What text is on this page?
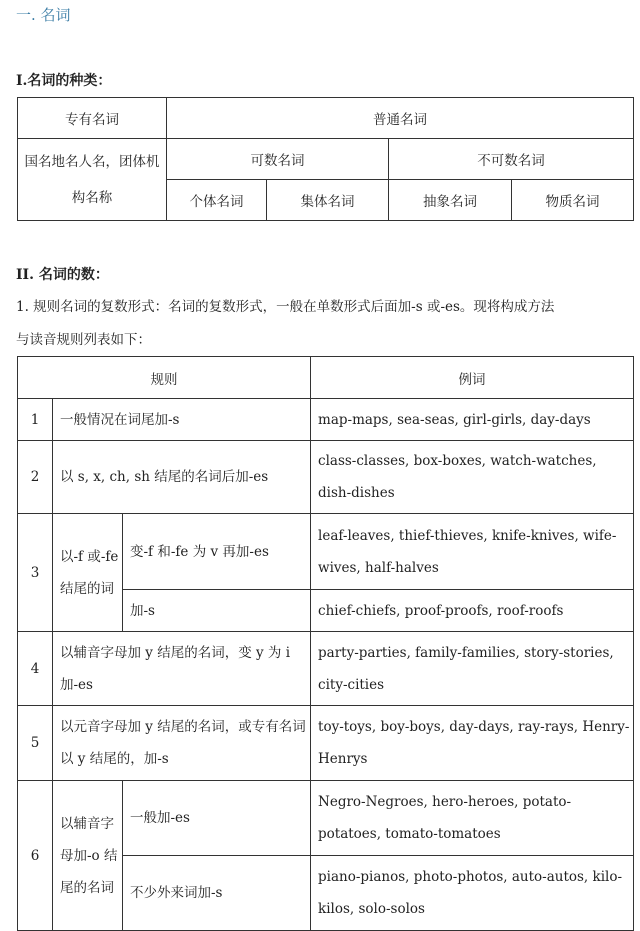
一. 名词
I.名词的种类：
专有名词	普通名词			
国名地名人名，团体机构名称	可数名词		不可数名词	
	个体名词	集体名词	抽象名词	物质名词
II. 名词的数：
1. 规则名词的复数形式：名词的复数形式，一般在单数形式后面加-s 或-es。现将构成方法
与读音规则列表如下：
规则			例词
1	一般情况在词尾加-s		map-maps, sea-seas, girl-girls, day-days
2	以 s, x, ch, sh 结尾的名词后加-es		class-classes, box-boxes, watch-watches, dish-dishes
3	以-f 或-fe 结尾的词	变-f 和-fe 为 v 再加-es	leaf-leaves, thief-thieves, knife-knives, wife-wives, half-halves
		加-s	chief-chiefs, proof-proofs, roof-roofs
4	以辅音字母加 y 结尾的名词，变 y 为 i 加-es		party-parties, family-families, story-stories, city-cities
5	以元音字母加 y 结尾的名词，或专有名词以 y 结尾的，加-s		toy-toys, boy-boys, day-days, ray-rays, Henry-Henrys
6	以辅音字母加-o 结尾的名词	一般加-es	Negro-Negroes, hero-heroes, potato-potatoes, tomato-tomatoes
		不少外来词加-s	piano-pianos, photo-photos, auto-autos, kilo-kilos, solo-solos
